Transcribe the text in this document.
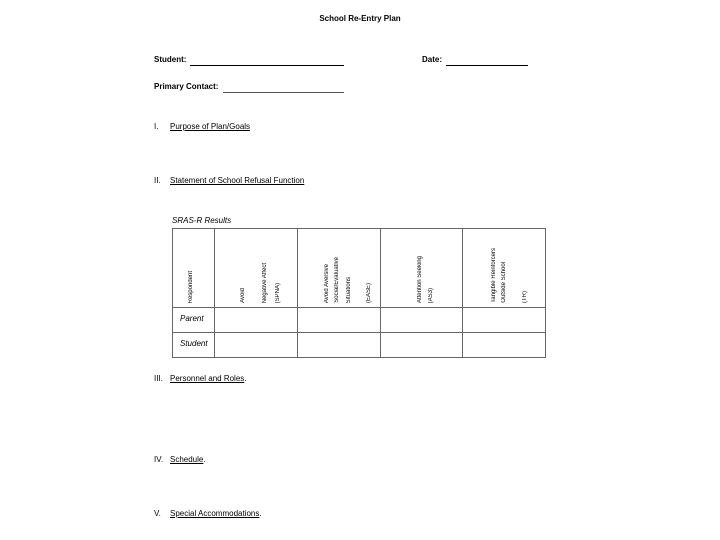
School Re-Entry Plan
Student:	Date:
Primary Contact:
I. Purpose of Plan/Goals
II. Statement of School Refusal Function
SRAS-R Results
Respondent	Avoid Negative Affect (SPNA)	Avoid Aversive Social/Evaluative Situations (EASE)	Attention Seeking (AS3)	Tangible Reinforcers Outside School (TR)

Parent				

Student				

III. Personnel and Roles.
IV. Schedule.
V. Special Accommodations.
